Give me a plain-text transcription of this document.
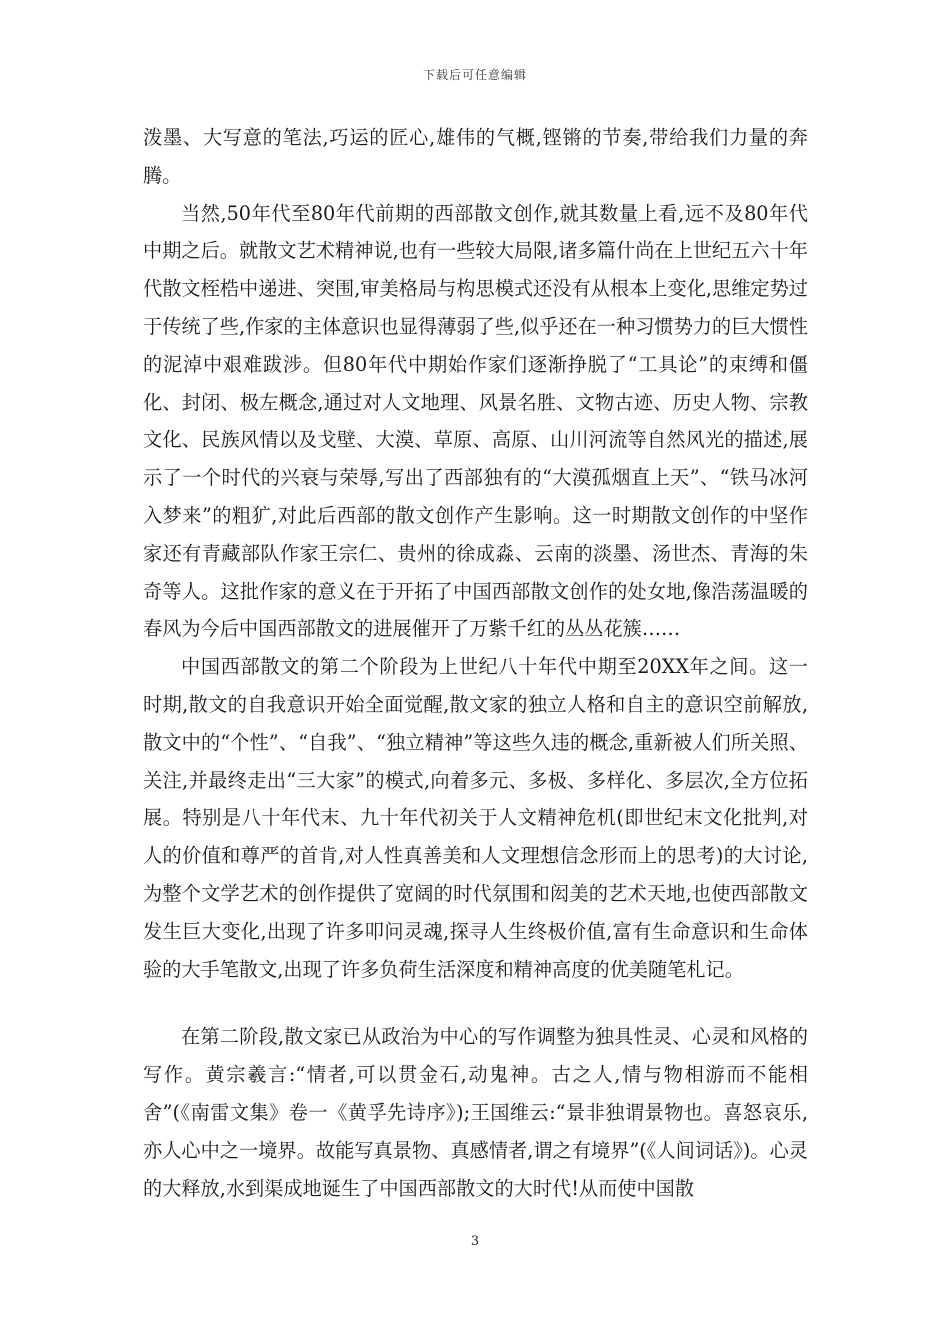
下载后可任意编辑

泼墨、大写意的笔法,巧运的匠心,雄伟的气概,铿锵的节奏,带给我们力量的奔腾。

当然,50年代至80年代前期的西部散文创作,就其数量上看,远不及80年代中期之后。就散文艺术精神说,也有一些较大局限,诸多篇什尚在上世纪五六十年代散文桎梏中递进、突围,审美格局与构思模式还没有从根本上变化,思维定势过于传统了些,作家的主体意识也显得薄弱了些,似乎还在一种习惯势力的巨大惯性的泥淖中艰难跋涉。但80年代中期始作家们逐渐挣脱了“工具论”的束缚和僵化、封闭、极左概念,通过对人文地理、风景名胜、文物古迹、历史人物、宗教文化、民族风情以及戈壁、大漠、草原、高原、山川河流等自然风光的描述,展示了一个时代的兴衰与荣辱,写出了西部独有的“大漠孤烟直上天”、“铁马冰河入梦来”的粗犷,对此后西部的散文创作产生影响。这一时期散文创作的中坚作家还有青藏部队作家王宗仁、贵州的徐成淼、云南的淡墨、汤世杰、青海的朱奇等人。这批作家的意义在于开拓了中国西部散文创作的处女地,像浩荡温暖的春风为今后中国西部散文的进展催开了万紫千红的丛丛花簇……

中国西部散文的第二个阶段为上世纪八十年代中期至20XX年之间。这一时期,散文的自我意识开始全面觉醒,散文家的独立人格和自主的意识空前解放,散文中的“个性”、“自我”、“独立精神”等这些久违的概念,重新被人们所关照、关注,并最终走出“三大家”的模式,向着多元、多极、多样化、多层次,全方位拓展。特别是八十年代末、九十年代初关于人文精神危机(即世纪末文化批判,对人的价值和尊严的首肯,对人性真善美和人文理想信念形而上的思考)的大讨论,为整个文学艺术的创作提供了宽阔的时代氛围和闳美的艺术天地,也使西部散文发生巨大变化,出现了许多叩问灵魂,探寻人生终极价值,富有生命意识和生命体验的大手笔散文,出现了许多负荷生活深度和精神高度的优美随笔札记。

在第二阶段,散文家已从政治为中心的写作调整为独具性灵、心灵和风格的写作。黄宗羲言:“情者,可以贯金石,动鬼神。古之人,情与物相游而不能相舍”(《南雷文集》卷一《黄孚先诗序》);王国维云:“景非独谓景物也。喜怒哀乐,亦人心中之一境界。故能写真景物、真感情者,谓之有境界”(《人间词话》)。心灵的大释放,水到渠成地诞生了中国西部散文的大时代!从而使中国散

3
